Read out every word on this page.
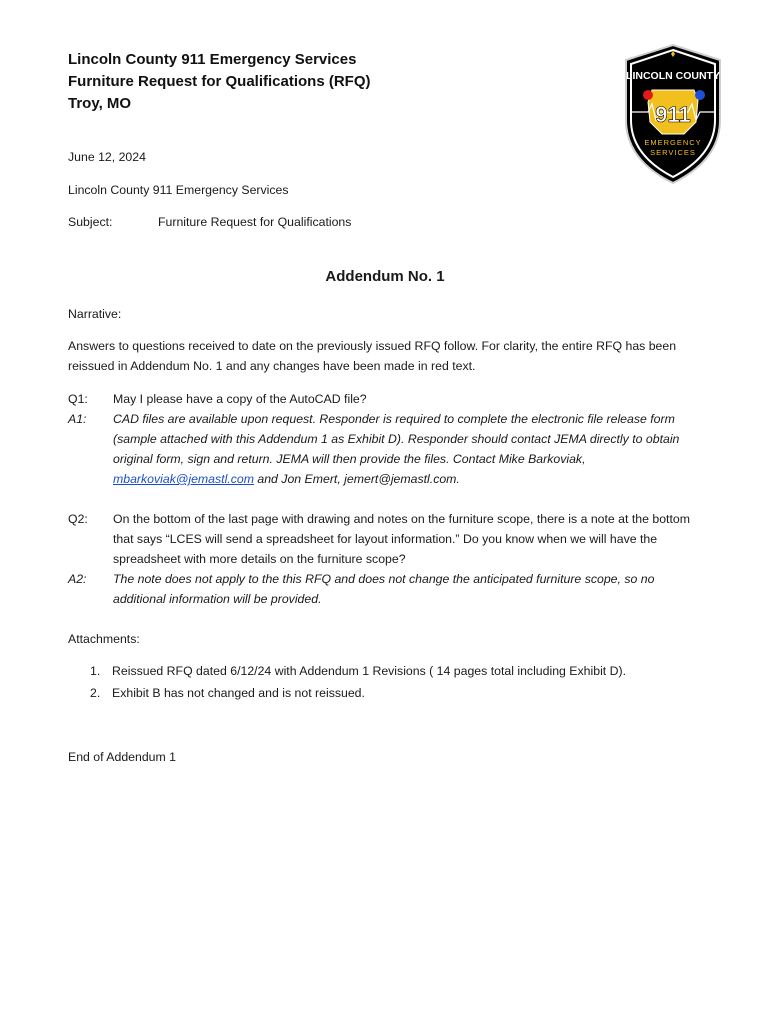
Lincoln County 911 Emergency Services
Furniture Request for Qualifications (RFQ)
Troy, MO
LINCOLN COUNTY
911
EMERGENCY
SERVICES
June 12, 2024
Lincoln County 911 Emergency Services
Subject:	Furniture Request for Qualifications
Addendum No. 1
Narrative:
Answers to questions received to date on the previously issued RFQ follow. For clarity, the entire RFQ has been reissued in Addendum No. 1 and any changes have been made in red text.
Q1:	May I please have a copy of the AutoCAD file?
A1:	CAD files are available upon request. Responder is required to complete the electronic file release form (sample attached with this Addendum 1 as Exhibit D). Responder should contact JEMA directly to obtain original form, sign and return. JEMA will then provide the files. Contact Mike Barkoviak, mbarkoviak@jemastl.com and Jon Emert, jemert@jemastl.com.
Q2:	On the bottom of the last page with drawing and notes on the furniture scope, there is a note at the bottom that says “LCES will send a spreadsheet for layout information.” Do you know when we will have the spreadsheet with more details on the furniture scope?
A2:	The note does not apply to the this RFQ and does not change the anticipated furniture scope, so no additional information will be provided.
Attachments:
1. Reissued RFQ dated 6/12/24 with Addendum 1 Revisions ( 14 pages total including Exhibit D).
2. Exhibit B has not changed and is not reissued.
End of Addendum 1
